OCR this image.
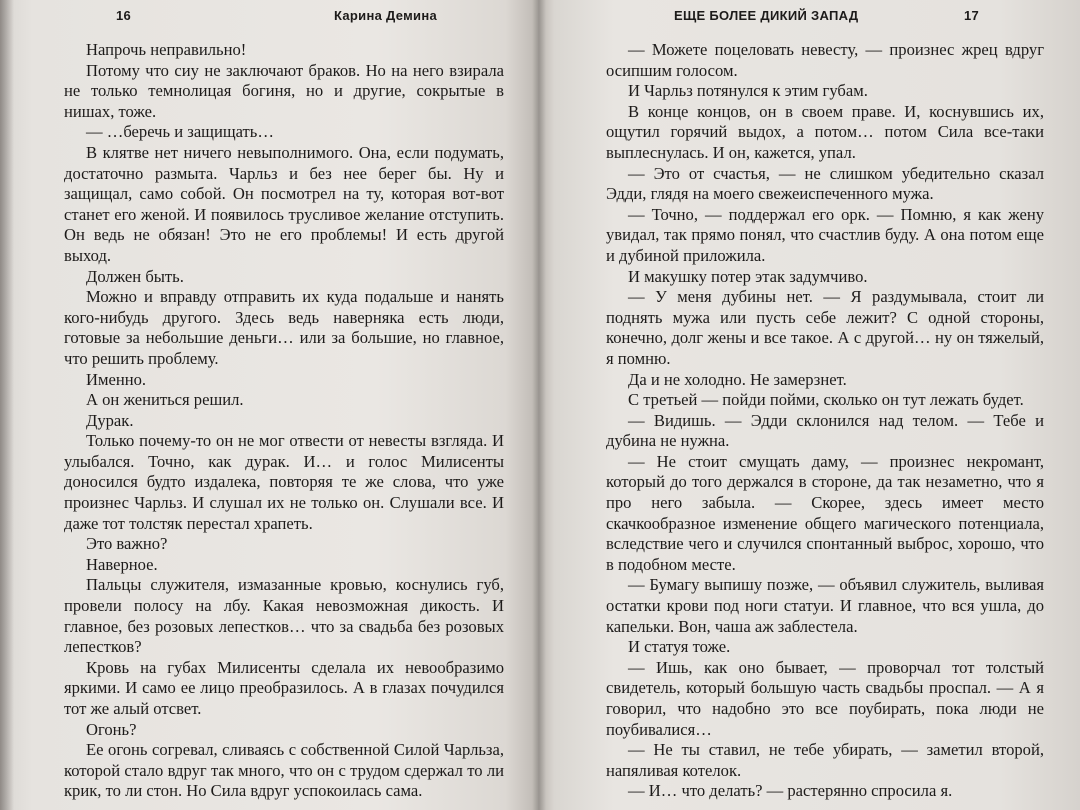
16	Карина Демина

Напрочь неправильно!

Потому что сиу не заключают браков. Но на него взирала не только темнолицая богиня, но и другие, сокрытые в нишах, тоже.

— …беречь и защищать…

В клятве нет ничего невыполнимого. Она, если подумать, достаточно размыта. Чарльз и без нее берег бы. Ну и защищал, само собой. Он посмотрел на ту, которая вот-вот станет его женой. И появилось трусливое желание отступить. Он ведь не обязан! Это не его проблемы! И есть другой выход.

Должен быть.

Можно и вправду отправить их куда подальше и нанять кого-нибудь другого. Здесь ведь наверняка есть люди, готовые за небольшие деньги… или за большие, но главное, что решить проблему.

Именно.

А он жениться решил.

Дурак.

Только почему-то он не мог отвести от невесты взгляда. И улыбался. Точно, как дурак. И… и голос Милисенты доносился будто издалека, повторяя те же слова, что уже произнес Чарльз. И слушал их не только он. Слушали все. И даже тот толстяк перестал храпеть.

Это важно?

Наверное.

Пальцы служителя, измазанные кровью, коснулись губ, провели полосу на лбу. Какая невозможная дикость. И главное, без розовых лепестков… что за свадьба без розовых лепестков?

Кровь на губах Милисенты сделала их невообразимо яркими. И само ее лицо преобразилось. А в глазах почудился тот же алый отсвет.

Огонь?

Ее огонь согревал, сливаясь с собственной Силой Чарльза, которой стало вдруг так много, что он с трудом сдержал то ли крик, то ли стон. Но Сила вдруг успокоилась сама.

ЕЩЕ БОЛЕЕ ДИКИЙ ЗАПАД	17

— Можете поцеловать невесту, — произнес жрец вдруг осипшим голосом.

И Чарльз потянулся к этим губам.

В конце концов, он в своем праве. И, коснувшись их, ощутил горячий выдох, а потом… потом Сила все-таки выплеснулась. И он, кажется, упал.

— Это от счастья, — не слишком убедительно сказал Эдди, глядя на моего свежеиспеченного мужа.

— Точно, — поддержал его орк. — Помню, я как жену увидал, так прямо понял, что счастлив буду. А она потом еще и дубиной приложила.

И макушку потер этак задумчиво.

— У меня дубины нет. — Я раздумывала, стоит ли поднять мужа или пусть себе лежит? С одной стороны, конечно, долг жены и все такое. А с другой… ну он тяжелый, я помню.

Да и не холодно. Не замерзнет.

С третьей — пойди пойми, сколько он тут лежать будет.

— Видишь. — Эдди склонился над телом. — Тебе и дубина не нужна.

— Не стоит смущать даму, — произнес некромант, который до того держался в стороне, да так незаметно, что я про него забыла. — Скорее, здесь имеет место скачкообразное изменение общего магического потенциала, вследствие чего и случился спонтанный выброс, хорошо, что в подобном месте.

— Бумагу выпишу позже, — объявил служитель, выливая остатки крови под ноги статуи. И главное, что вся ушла, до капельки. Вон, чаша аж заблестела.

И статуя тоже.

— Ишь, как оно бывает, — проворчал тот толстый свидетель, который большую часть свадьбы проспал. — А я говорил, что надобно это все поубирать, пока люди не поубивалися…

— Не ты ставил, не тебе убирать, — заметил второй, напяливая котелок.

— И… что делать? — растерянно спросила я.
